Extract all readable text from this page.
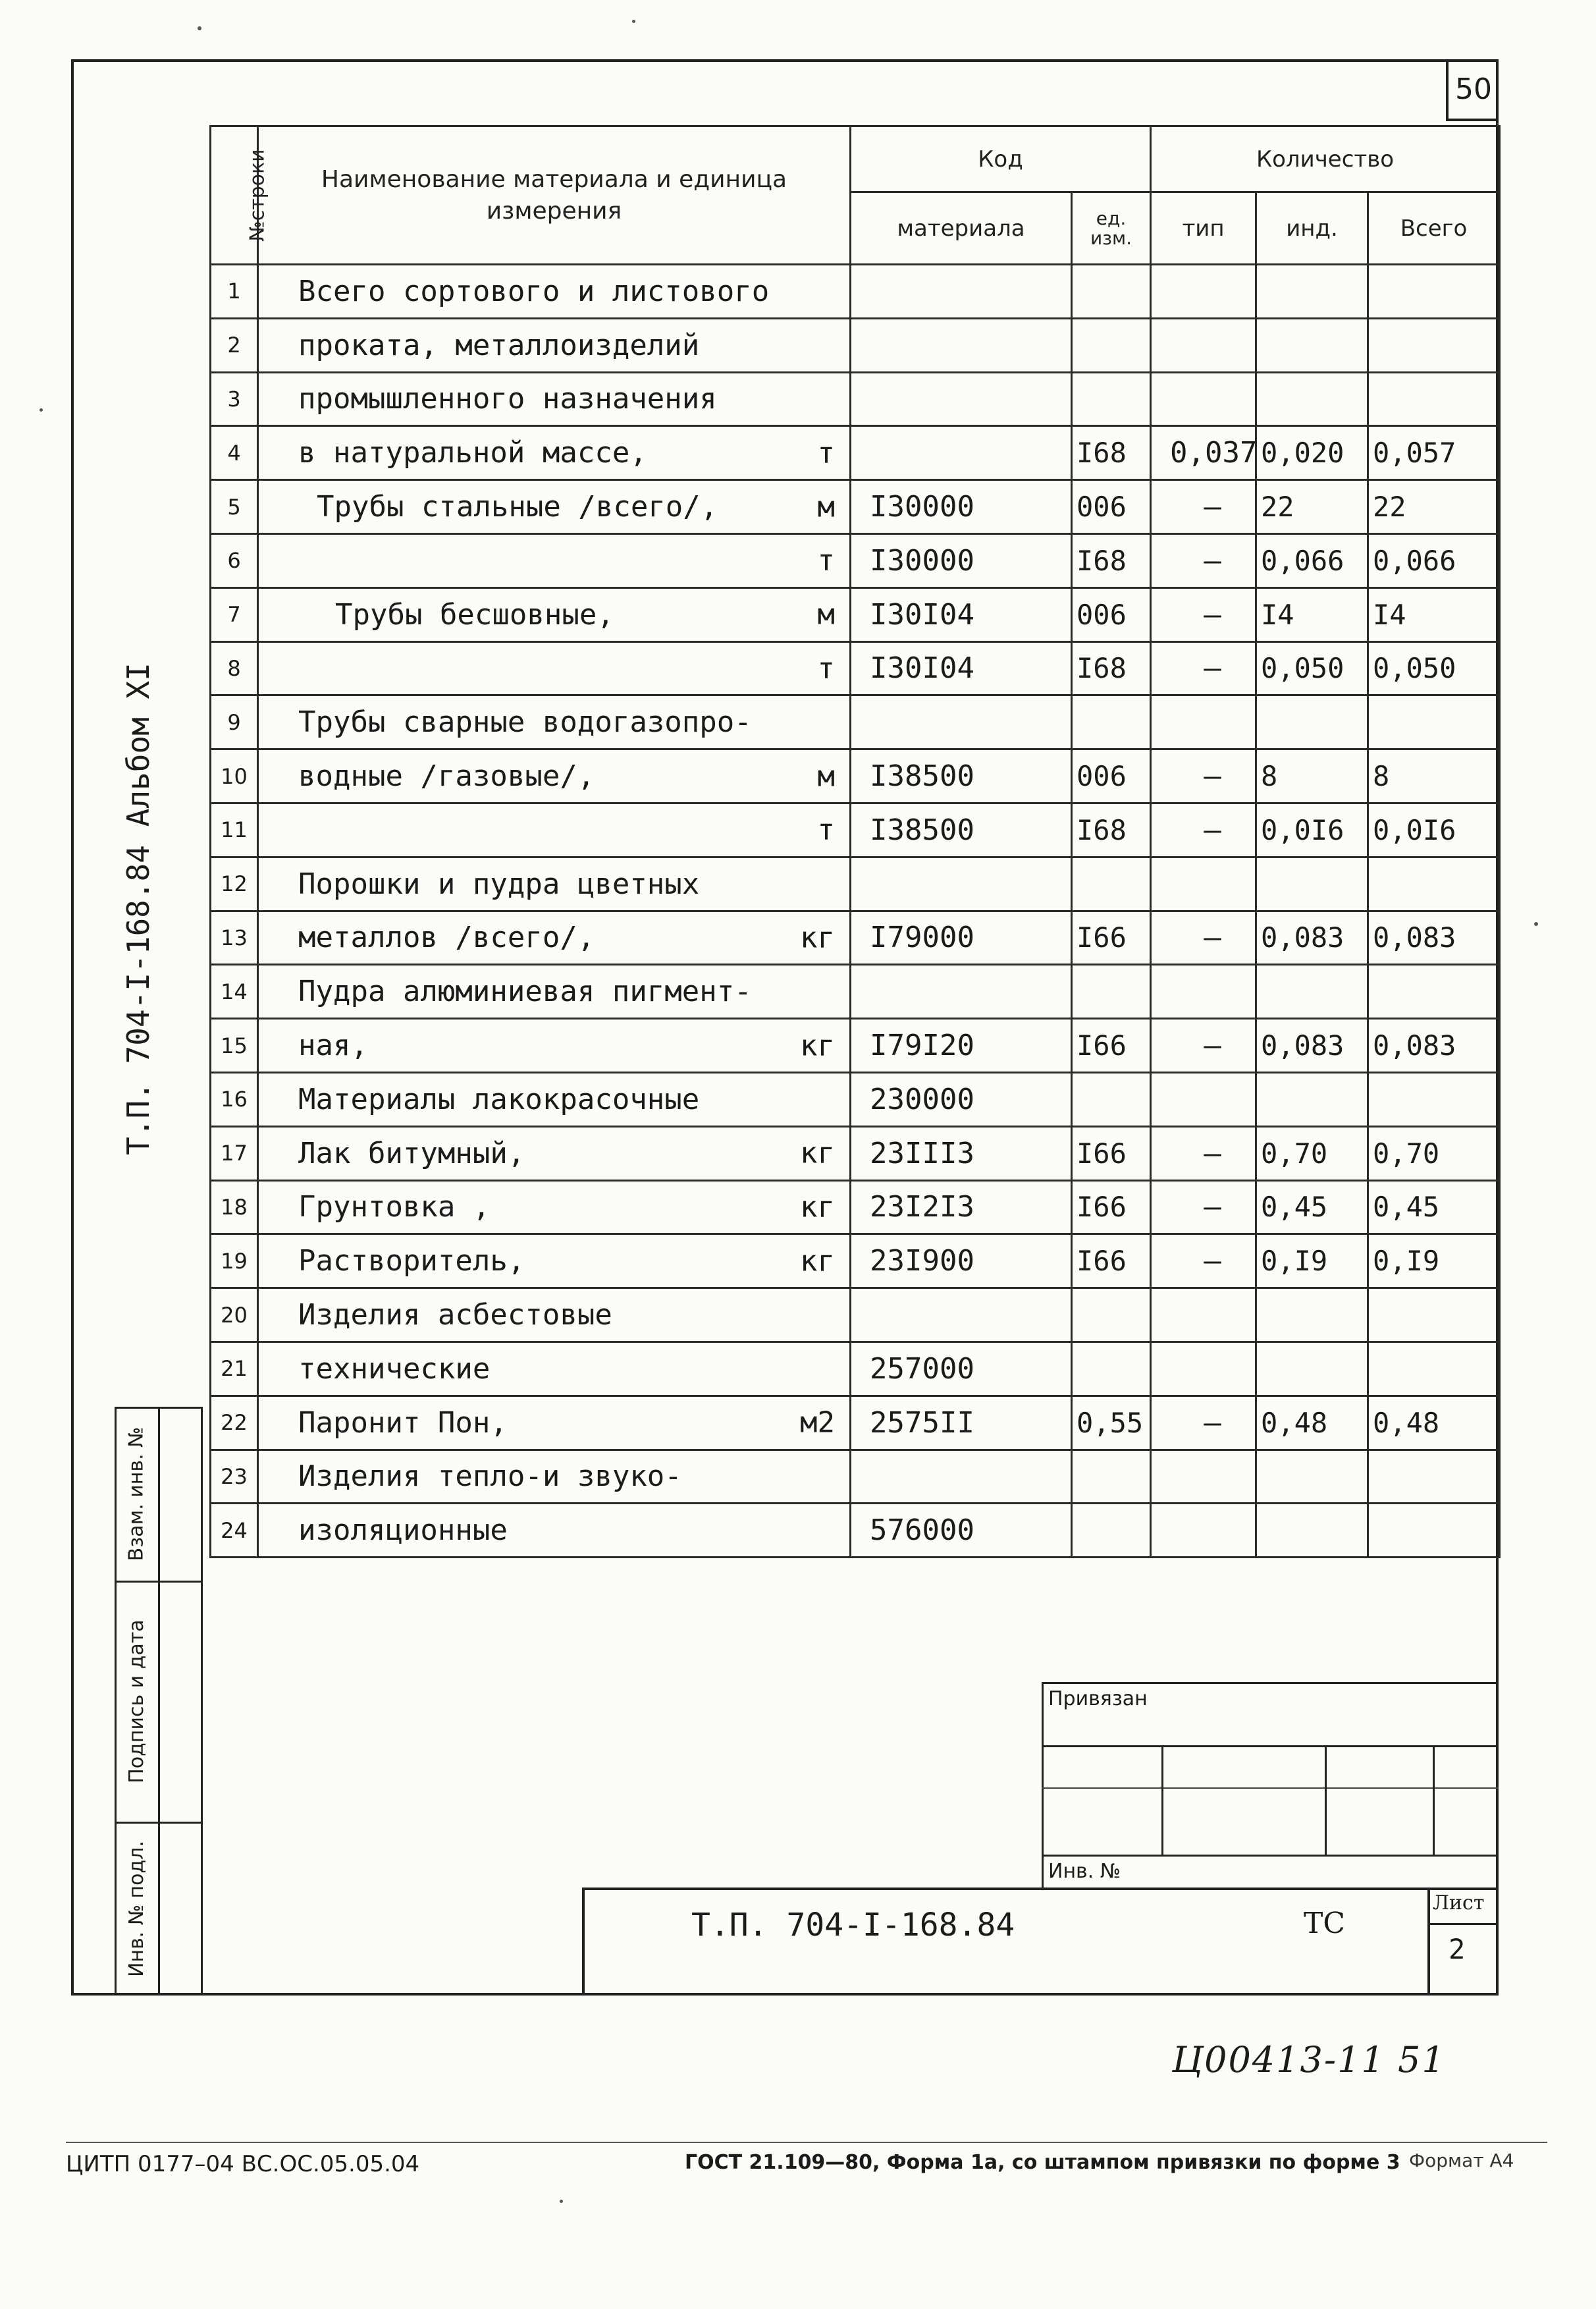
50
Т.П. 704-I-168.84 Альбом XI
№строки	Наименование материала и единица измерения	Код		Количество		
		материала	ед. изм.	тип	инд.	Всего
1	Всего сортового и листового

2	проката, металлоизделий

3	промышленного назначения

4	в натуральной массе, т		I68	0,037	0,020	0,057
5	Трубы стальные /всего/, м	I30000	006	–	22	22
6	т	I30000	I68	–	0,066	0,066
7	Трубы бесшовные, м	I30I04	006	–	I4	I4
8	т	I30I04	I68	–	0,050	0,050
9	Трубы сварные водогазопро-

10	водные /газовые/, м	I38500	006	–	8	8
11	т	I38500	I68	–	0,0I6	0,0I6
12	Порошки и пудра цветных

13	металлов /всего/, кг	I79000	I66	–	0,083	0,083
14	Пудра алюминиевая пигмент-

15	ная, кг	I79I20	I66	–	0,083	0,083
16	Материалы лакокрасочные	230000				
17	Лак битумный, кг	23III3	I66	–	0,70	0,70
18	Грунтовка , кг	23I2I3	I66	–	0,45	0,45
19	Растворитель, кг	23I900	I66	–	0,I9	0,I9
20	Изделия асбестовые

21	технические	257000				
22	Паронит Пон, м2	2575II	0,55	–	0,48	0,48
23	Изделия тепло-и звуко-

24	изоляционные	576000				
Взам. инв. №
Подпись и дата
Инв. № подл.
Привязан
Инв. №
Т.П. 704-I-168.84	ТС
Лист
2
Ц00413-11 51
Формат А4
ЦИТП 0177–04 ВС.ОС.05.05.04	ГОСТ 21.109—80, Форма 1а, со штампом привязки по форме 3
